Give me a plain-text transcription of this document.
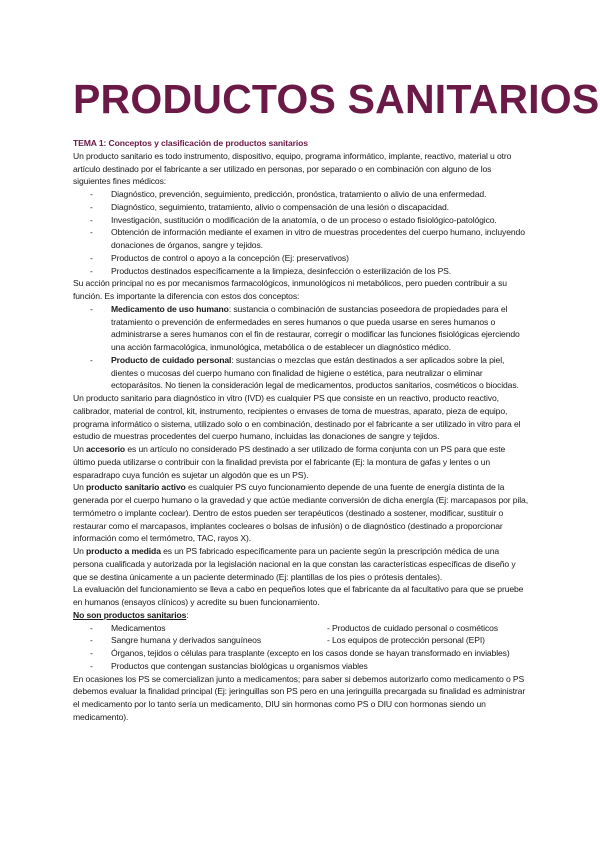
PRODUCTOS SANITARIOS

TEMA 1: Conceptos y clasificación de productos sanitarios

Un producto sanitario es todo instrumento, dispositivo, equipo, programa informático, implante, reactivo, material u otro artículo destinado por el fabricante a ser utilizado en personas, por separado o en combinación con alguno de los siguientes fines médicos:

- Diagnóstico, prevención, seguimiento, predicción, pronóstica, tratamiento o alivio de una enfermedad.
- Diagnóstico, seguimiento, tratamiento, alivio o compensación de una lesión o discapacidad.
- Investigación, sustitución o modificación de la anatomía, o de un proceso o estado fisiológico-patológico.
- Obtención de información mediante el examen in vitro de muestras procedentes del cuerpo humano, incluyendo donaciones de órganos, sangre y tejidos.
- Productos de control o apoyo a la concepción (Ej: preservativos)
- Productos destinados específicamente a la limpieza, desinfección o esterilización de los PS.

Su acción principal no es por mecanismos farmacológicos, inmunológicos ni metabólicos, pero pueden contribuir a su función. Es importante la diferencia con estos dos conceptos:

- Medicamento de uso humano: sustancia o combinación de sustancias poseedora de propiedades para el tratamiento o prevención de enfermedades en seres humanos o que pueda usarse en seres humanos o administrarse a seres humanos con el fin de restaurar, corregir o modificar las funciones fisiológicas ejerciendo una acción farmacológica, inmunológica, metabólica o de establecer un diagnóstico médico.
- Producto de cuidado personal: sustancias o mezclas que están destinados a ser aplicados sobre la piel, dientes o mucosas del cuerpo humano con finalidad de higiene o estética, para neutralizar o eliminar ectoparásitos. No tienen la consideración legal de medicamentos, productos sanitarios, cosméticos o biocidas.

Un producto sanitario para diagnóstico in vitro (IVD) es cualquier PS que consiste en un reactivo, producto reactivo, calibrador, material de control, kit, instrumento, recipientes o envases de toma de muestras, aparato, pieza de equipo, programa informático o sistema, utilizado solo o en combinación, destinado por el fabricante a ser utilizado in vitro para el estudio de muestras procedentes del cuerpo humano, incluidas las donaciones de sangre y tejidos.

Un accesorio es un artículo no considerado PS destinado a ser utilizado de forma conjunta con un PS para que este último pueda utilizarse o contribuir con la finalidad prevista por el fabricante (Ej: la montura de gafas y lentes o un esparadrapo cuya función es sujetar un algodón que es un PS).

Un producto sanitario activo es cualquier PS cuyo funcionamiento depende de una fuente de energía distinta de la generada por el cuerpo humano o la gravedad y que actúe mediante conversión de dicha energía (Ej: marcapasos por pila, termómetro o implante coclear). Dentro de estos pueden ser terapéuticos (destinado a sostener, modificar, sustituir o restaurar como el marcapasos, implantes cocleares o bolsas de infusión) o de diagnóstico (destinado a proporcionar información como el termómetro, TAC, rayos X).

Un producto a medida es un PS fabricado específicamente para un paciente según la prescripción médica de una persona cualificada y autorizada por la legislación nacional en la que constan las características específicas de diseño y que se destina únicamente a un paciente determinado (Ej: plantillas de los pies o prótesis dentales).

La evaluación del funcionamiento se lleva a cabo en pequeños lotes que el fabricante da al facultativo para que se pruebe en humanos (ensayos clínicos) y acredite su buen funcionamiento.

No son productos sanitarios:

- Medicamentos	- Productos de cuidado personal o cosméticos
- Sangre humana y derivados sanguíneos	- Los equipos de protección personal (EPI)
- Órganos, tejidos o células para trasplante (excepto en los casos donde se hayan transformado en inviables)
- Productos que contengan sustancias biológicas u organismos viables

En ocasiones los PS se comercializan junto a medicamentos; para saber si debemos autorizarlo como medicamento o PS debemos evaluar la finalidad principal (Ej: jeringuillas son PS pero en una jeringuilla precargada su finalidad es administrar el medicamento por lo tanto sería un medicamento, DIU sin hormonas como PS o DIU con hormonas siendo un medicamento).
